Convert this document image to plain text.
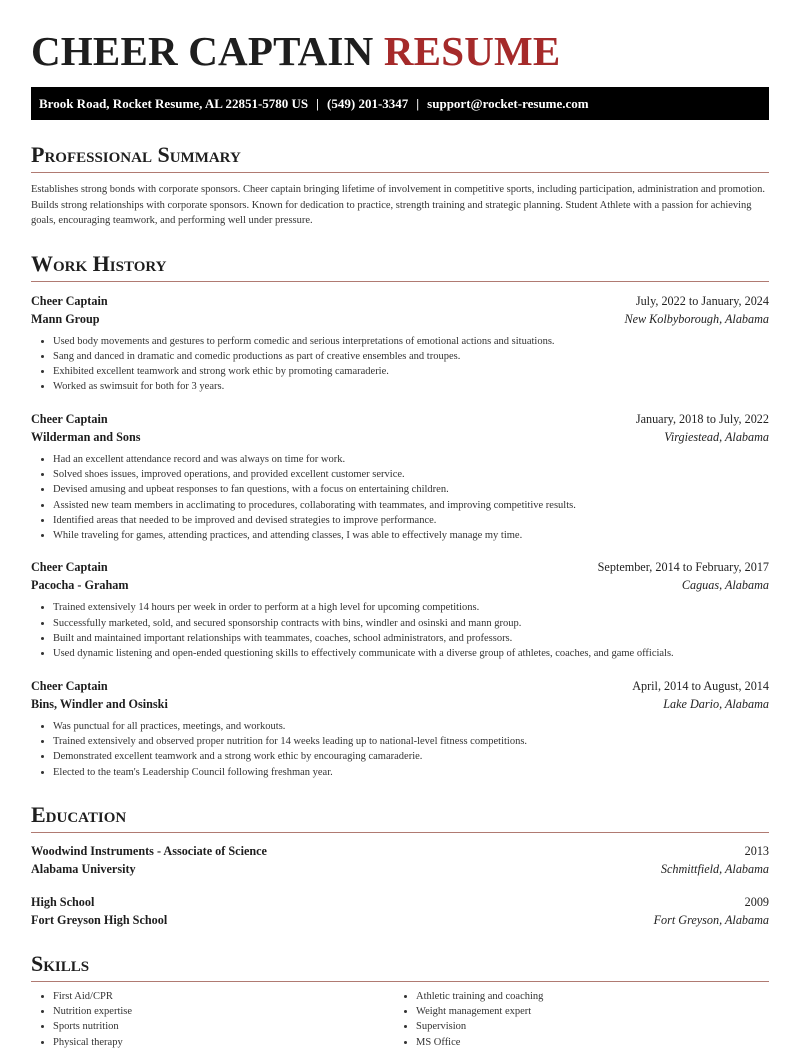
CHEER CAPTAIN RESUME
Brook Road, Rocket Resume, AL 22851-5780 US | (549) 201-3347 | support@rocket-resume.com
Professional Summary

Establishes strong bonds with corporate sponsors. Cheer captain bringing lifetime of involvement in competitive sports, including participation, administration and promotion. Builds strong relationships with corporate sponsors. Known for dedication to practice, strength training and strategic planning. Student Athlete with a passion for achieving goals, encouraging teamwork, and performing well under pressure.

Work History
Cheer Captain	July, 2022 to January, 2024
Mann Group	New Kolbyborough, Alabama
• Used body movements and gestures to perform comedic and serious interpretations of emotional actions and situations.
• Sang and danced in dramatic and comedic productions as part of creative ensembles and troupes.
• Exhibited excellent teamwork and strong work ethic by promoting camaraderie.
• Worked as swimsuit for both for 3 years.
Cheer Captain	January, 2018 to July, 2022
Wilderman and Sons	Virgiestead, Alabama
• Had an excellent attendance record and was always on time for work.
• Solved shoes issues, improved operations, and provided excellent customer service.
• Devised amusing and upbeat responses to fan questions, with a focus on entertaining children.
• Assisted new team members in acclimating to procedures, collaborating with teammates, and improving competitive results.
• Identified areas that needed to be improved and devised strategies to improve performance.
• While traveling for games, attending practices, and attending classes, I was able to effectively manage my time.
Cheer Captain	September, 2014 to February, 2017
Pacocha - Graham	Caguas, Alabama
• Trained extensively 14 hours per week in order to perform at a high level for upcoming competitions.
• Successfully marketed, sold, and secured sponsorship contracts with bins, windler and osinski and mann group.
• Built and maintained important relationships with teammates, coaches, school administrators, and professors.
• Used dynamic listening and open-ended questioning skills to effectively communicate with a diverse group of athletes, coaches, and game officials.
Cheer Captain	April, 2014 to August, 2014
Bins, Windler and Osinski	Lake Dario, Alabama
• Was punctual for all practices, meetings, and workouts.
• Trained extensively and observed proper nutrition for 14 weeks leading up to national-level fitness competitions.
• Demonstrated excellent teamwork and a strong work ethic by encouraging camaraderie.
• Elected to the team's Leadership Council following freshman year.
Education
Woodwind Instruments - Associate of Science	2013
Alabama University	Schmittfield, Alabama
High School	2009
Fort Greyson High School	Fort Greyson, Alabama
Skills
• First Aid/CPR
• Nutrition expertise
• Sports nutrition
• Physical therapy
• Athletic training and coaching
• Weight management expert
• Supervision
• MS Office
